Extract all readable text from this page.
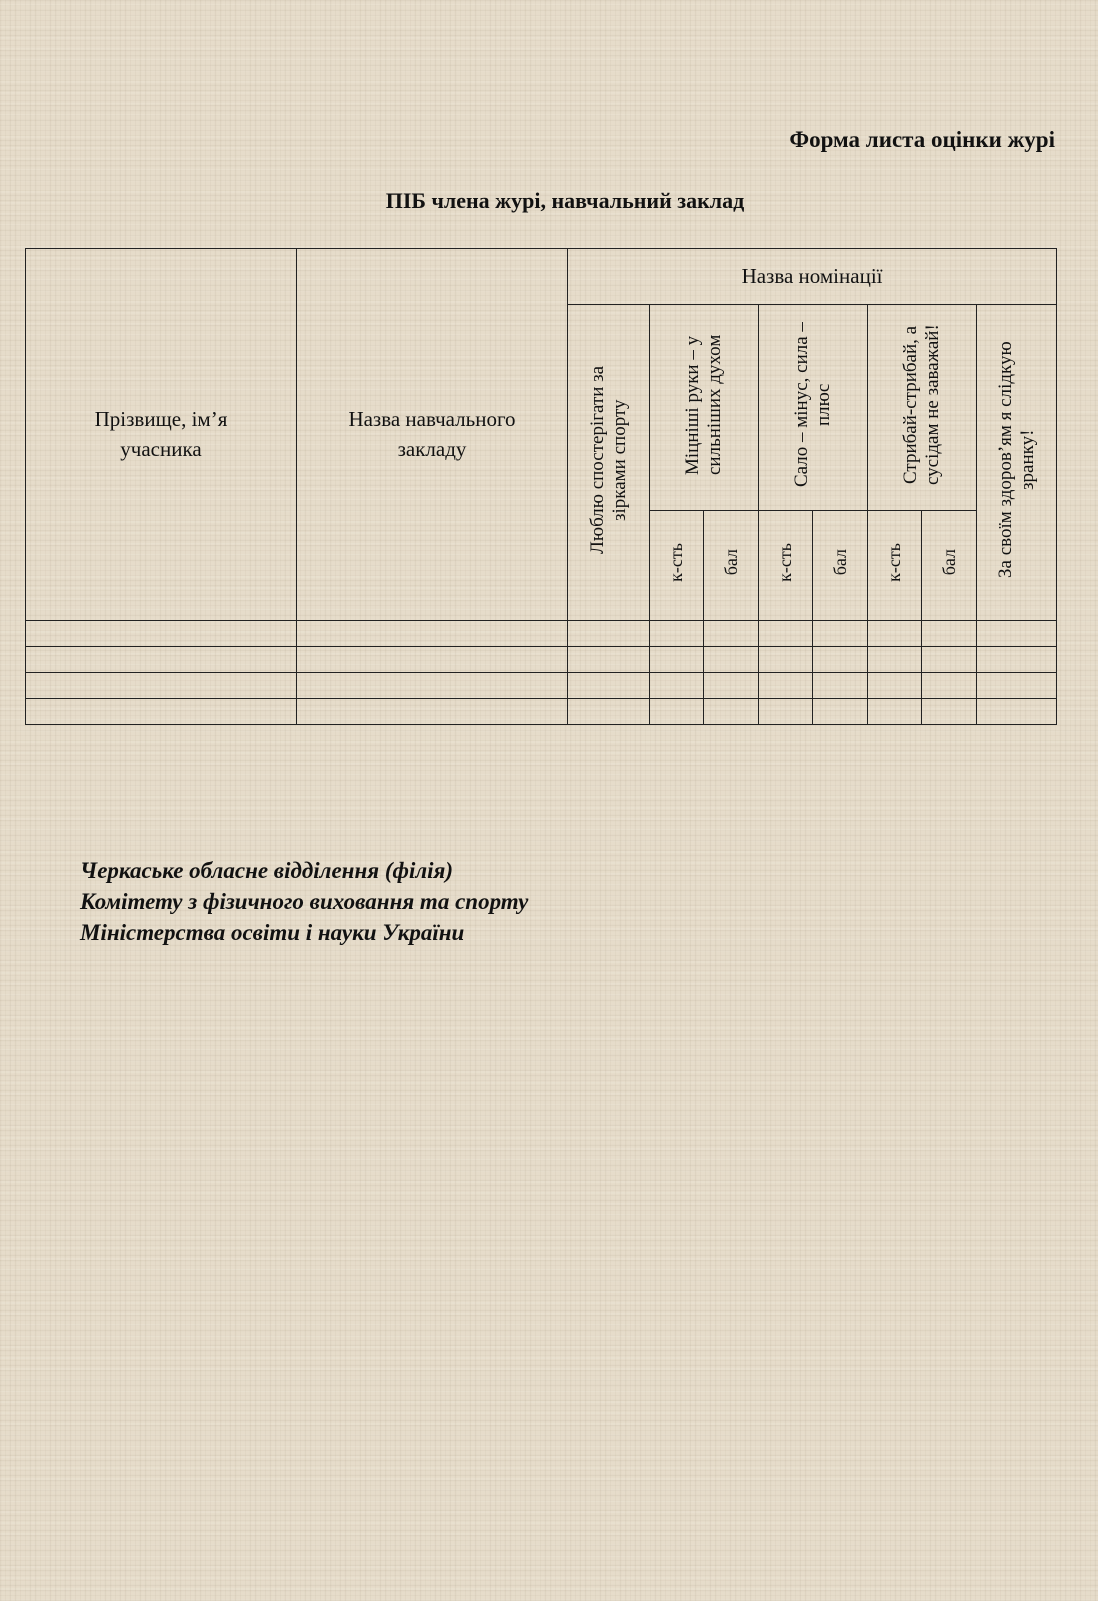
Форма листа оцінки журі
ПІБ члена журі, навчальний заклад
Прізвище, ім’я учасника	Назва навчального закладу	Назва номінації							
		Люблю спостерігати за зірками спорту	Міцніші руки – у сильніших духом		Сало – мінус, сила – плюс		Стрибай-стрибай, а сусідам не заважай!		За своїм здоров’ям я слідкую зранку!
			к-сть	бал	к-сть	бал	к-сть	бал	

Черкаське обласне відділення (філія)
Комітету з фізичного виховання та спорту
Міністерства освіти і науки України
